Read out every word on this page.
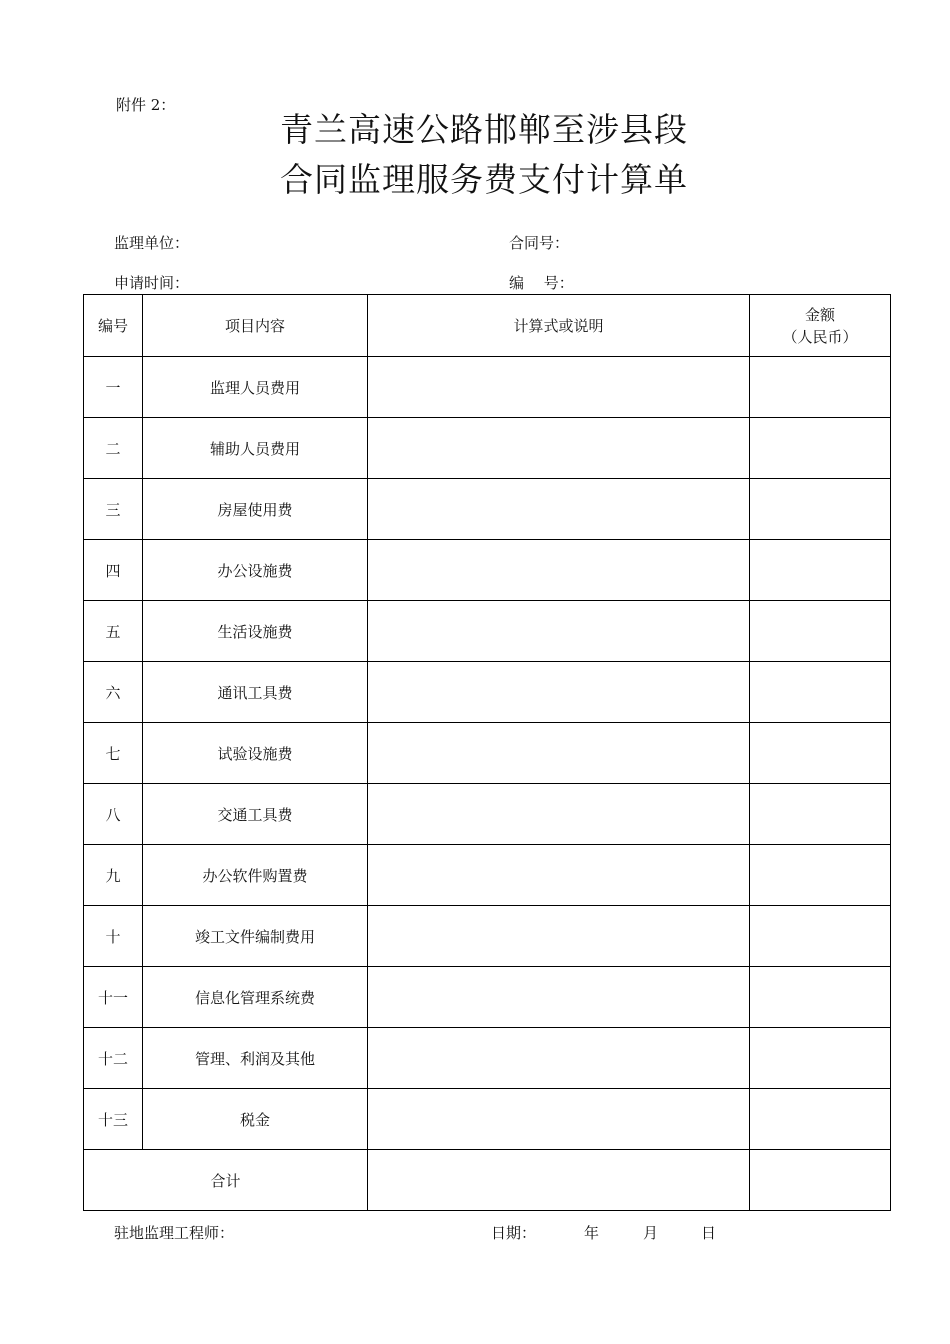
附件 2：
青兰高速公路邯郸至涉县段
合同监理服务费支付计算单
监理单位：	合同号：
申请时间：	编　 号：
编号	项目内容	计算式或说明	金额
（人民币）

一	监理人员费用		
二	辅助人员费用		
三	房屋使用费		
四	办公设施费		
五	生活设施费		
六	通讯工具费		
七	试验设施费		
八	交通工具费		
九	办公软件购置费		
十	竣工文件编制费用		
十一	信息化管理系统费		
十二	管理、利润及其他		
十三	税金		
合计			
驻地监理工程师：	日期：	年	月	日
